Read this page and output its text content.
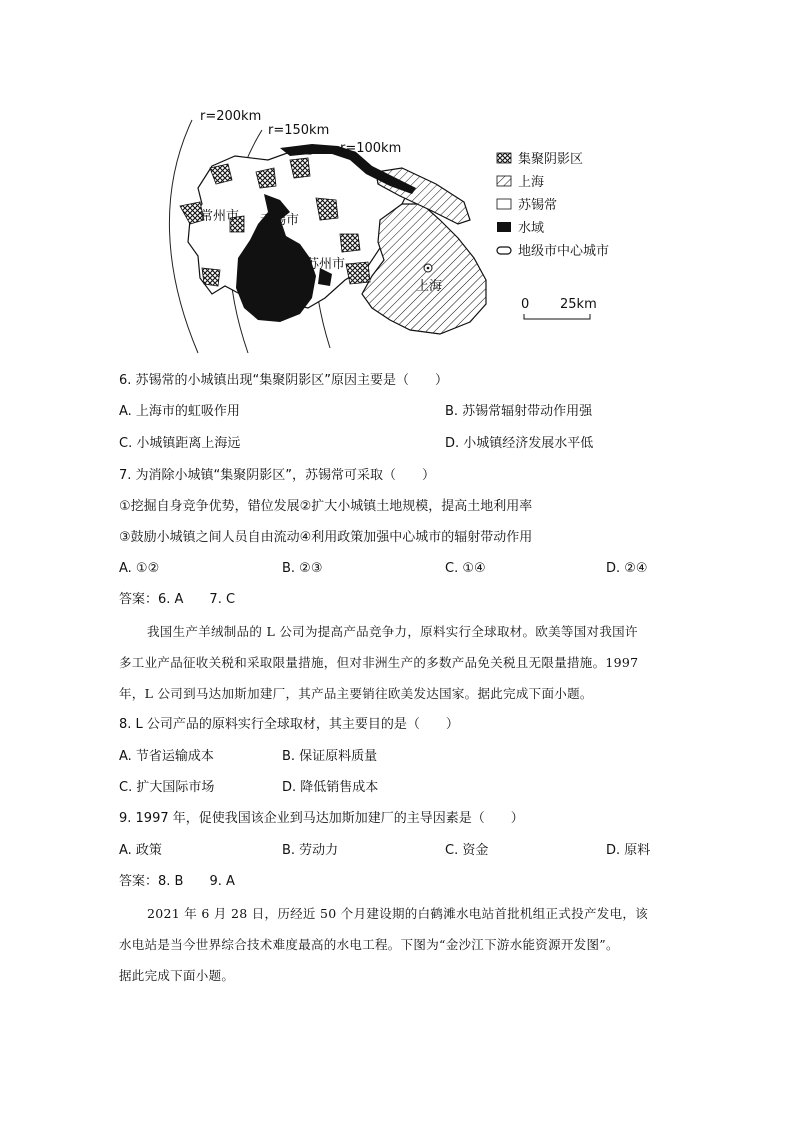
r=200km
r=150km
r=100km
常州市 无锡市
苏州市
上海
集聚阴影区
上海
苏锡常
水域
地级市中心城市
0 25km
6. 苏锡常的小城镇出现“集聚阴影区”原因主要是（　　）
A. 上海市的虹吸作用	B. 苏锡常辐射带动作用强
C. 小城镇距离上海远	D. 小城镇经济发展水平低
7. 为消除小城镇“集聚阴影区”，苏锡常可采取（　　）
①挖掘自身竞争优势，错位发展②扩大小城镇土地规模，提高土地利用率
③鼓励小城镇之间人员自由流动④利用政策加强中心城市的辐射带动作用
A. ①②	B. ②③	C. ①④	D. ②④
答案：6. A　　7. C
我国生产羊绒制品的 L 公司为提高产品竞争力，原料实行全球取材。欧美等国对我国许
多工业产品征收关税和采取限量措施，但对非洲生产的多数产品免关税且无限量措施。1997
年，L 公司到马达加斯加建厂，其产品主要销往欧美发达国家。据此完成下面小题。
8. L 公司产品的原料实行全球取材，其主要目的是（　　）
A. 节省运输成本	B. 保证原料质量
C. 扩大国际市场	D. 降低销售成本
9. 1997 年，促使我国该企业到马达加斯加建厂的主导因素是（　　）
A. 政策	B. 劳动力	C. 资金	D. 原料
答案：8. B　　9. A
2021 年 6 月 28 日，历经近 50 个月建设期的白鹤滩水电站首批机组正式投产发电，该
水电站是当今世界综合技术难度最高的水电工程。下图为“金沙江下游水能资源开发图”。
据此完成下面小题。
